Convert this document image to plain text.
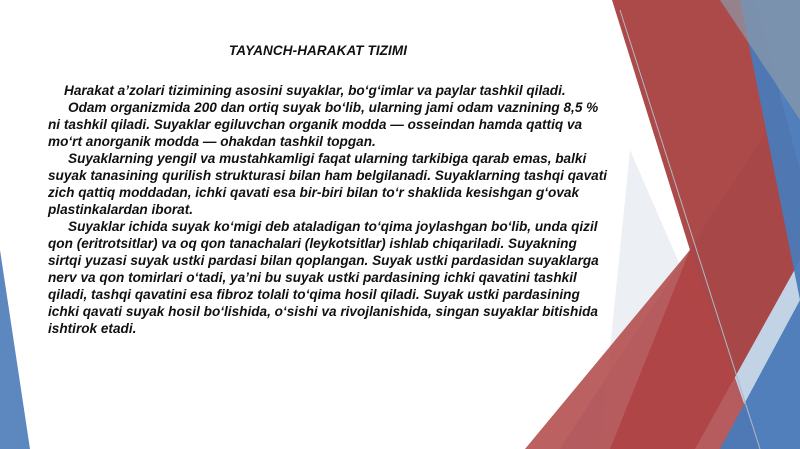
TAYANCH-HARAKAT TIZIMI

Harakat a’zolari tizimining asosini suyaklar, bo‘g‘imlar va paylar tashkil qiladi.

Odam organizmida 200 dan ortiq suyak bo‘lib, ularning jami odam vaznining 8,5 % ni tashkil qiladi. Suyaklar egiluvchan organik modda — osseindan hamda qattiq va mo‘rt anorganik modda — ohakdan tashkil topgan.

Suyaklarning yengil va mustahkamligi faqat ularning tarkibiga qarab emas, balki suyak tanasining qurilish strukturasi bilan ham belgilanadi. Suyaklarning tashqi qavati zich qattiq moddadan, ichki qavati esa bir-biri bilan to‘r shaklida kesishgan g‘ovak plastinkalardan iborat.

Suyaklar ichida suyak ko‘migi deb ataladigan to‘qima joylashgan bo‘lib, unda qizil qon (eritrotsitlar) va oq qon tanachalari (leykotsitlar) ishlab chiqariladi. Suyakning sirtqi yuzasi suyak ustki pardasi bilan qoplangan. Suyak ustki pardasidan suyaklarga nerv va qon tomirlari o‘tadi, ya’ni bu suyak ustki pardasining ichki qavatini tashkil qiladi, tashqi qavatini esa fibroz tolali to‘qima hosil qiladi. Suyak ustki pardasining ichki qavati suyak hosil bo‘lishida, o‘sishi va rivojlanishida, singan suyaklar bitishida ishtirok etadi.
